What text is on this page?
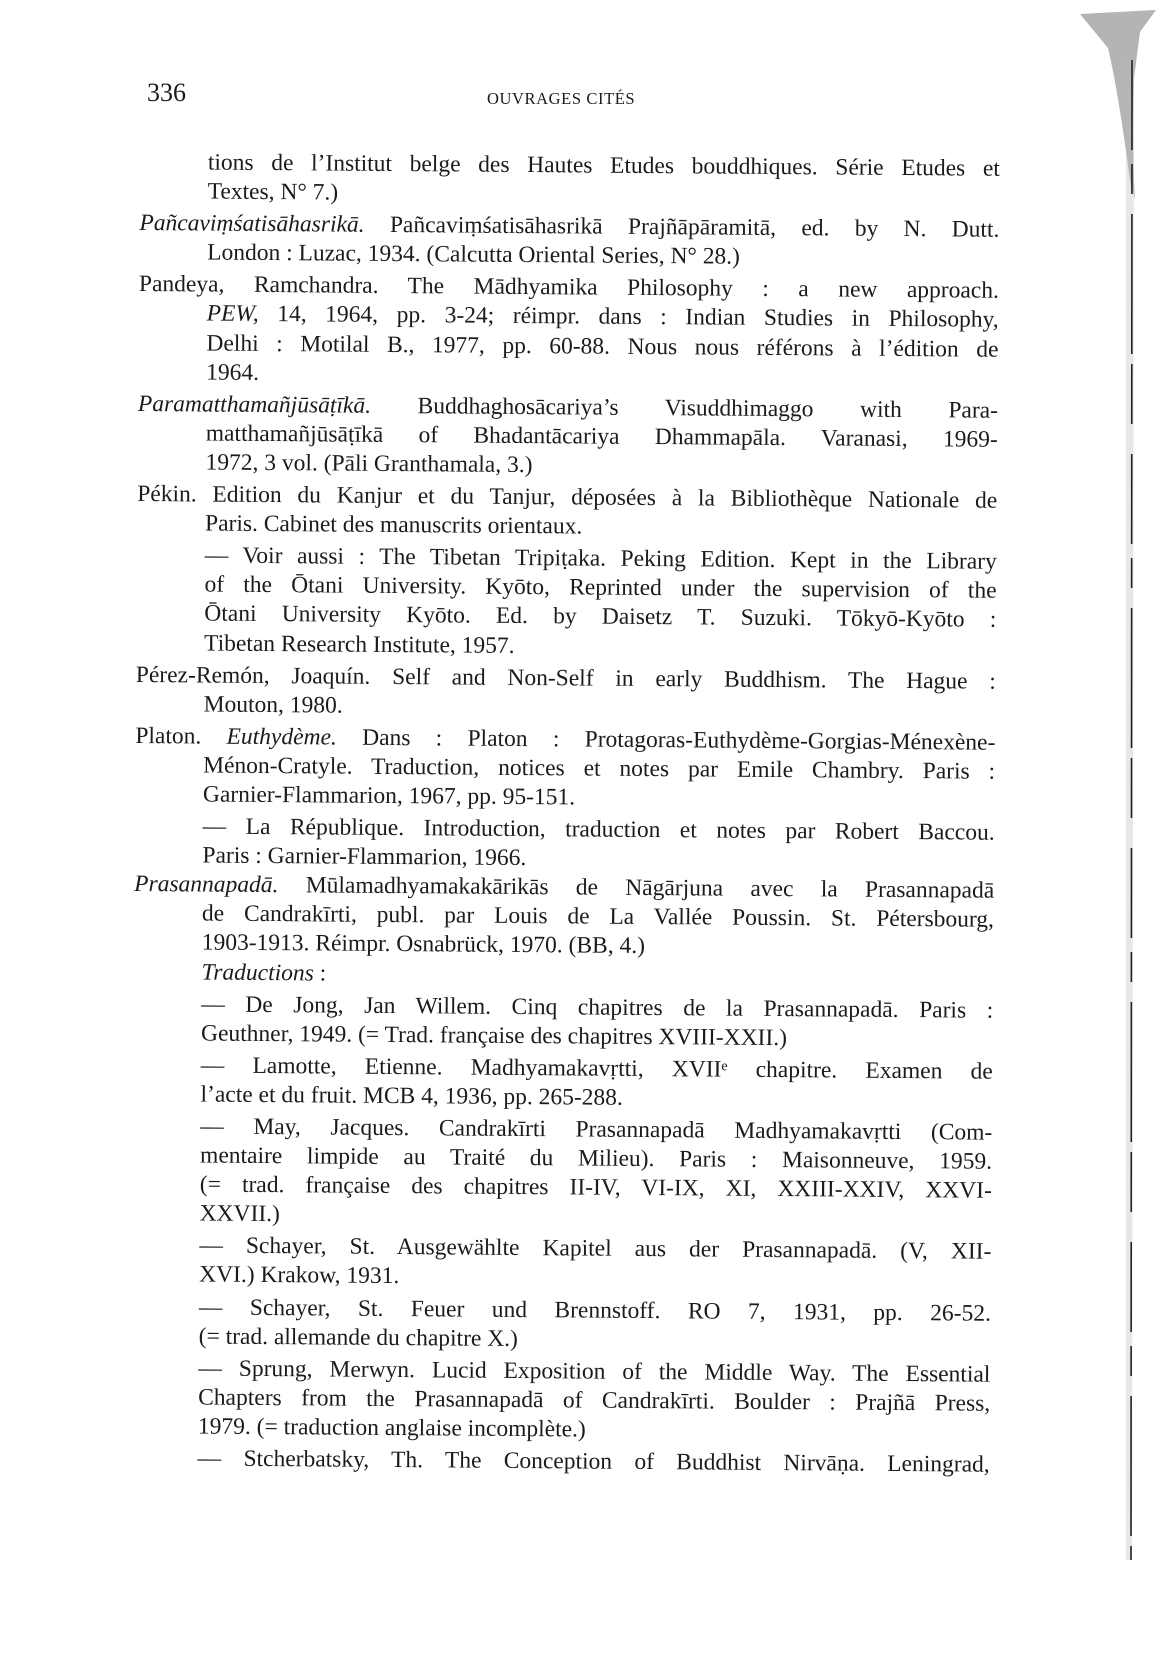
336	OUVRAGES CITÉS
tions de l’Institut belge des Hautes Etudes bouddhiques. Série Etudes et
Textes, N° 7.)
Pañcaviṃśatisāhasrikā. Pañcaviṃśatisāhasrikā Prajñāpāramitā, ed. by N. Dutt.
London : Luzac, 1934. (Calcutta Oriental Series, N° 28.)
Pandeya, Ramchandra. The Mādhyamika Philosophy : a new approach.
PEW, 14, 1964, pp. 3-24; réimpr. dans : Indian Studies in Philosophy,
Delhi : Motilal B., 1977, pp. 60-88. Nous nous référons à l’édition de
1964.
Paramatthamañjūsāṭīkā. Buddhaghosācariya’s Visuddhimaggo with Para-
matthamañjūsāṭīkā of Bhadantācariya Dhammapāla. Varanasi, 1969-
1972, 3 vol. (Pāli Granthamala, 3.)
Pékin. Edition du Kanjur et du Tanjur, déposées à la Bibliothèque Nationale de
Paris. Cabinet des manuscrits orientaux.
— Voir aussi : The Tibetan Tripiṭaka. Peking Edition. Kept in the Library
of the Ōtani University. Kyōto, Reprinted under the supervision of the
Ōtani University Kyōto. Ed. by Daisetz T. Suzuki. Tōkyō-Kyōto :
Tibetan Research Institute, 1957.
Pérez-Remón, Joaquín. Self and Non-Self in early Buddhism. The Hague :
Mouton, 1980.
Platon. Euthydème. Dans : Platon : Protagoras-Euthydème-Gorgias-Ménexène-
Ménon-Cratyle. Traduction, notices et notes par Emile Chambry. Paris :
Garnier-Flammarion, 1967, pp. 95-151.
— La République. Introduction, traduction et notes par Robert Baccou.
Paris : Garnier-Flammarion, 1966.
Prasannapadā. Mūlamadhyamakakārikās de Nāgārjuna avec la Prasannapadā
de Candrakīrti, publ. par Louis de La Vallée Poussin. St. Pétersbourg,
1903-1913. Réimpr. Osnabrück, 1970. (BB, 4.)
Traductions :
— De Jong, Jan Willem. Cinq chapitres de la Prasannapadā. Paris :
Geuthner, 1949. (= Trad. française des chapitres XVIII-XXII.)
— Lamotte, Etienne. Madhyamakavṛtti, XVIIᵉ chapitre. Examen de
l’acte et du fruit. MCB 4, 1936, pp. 265-288.
— May, Jacques. Candrakīrti Prasannapadā Madhyamakavṛtti (Com-
mentaire limpide au Traité du Milieu). Paris : Maisonneuve, 1959.
(= trad. française des chapitres II-IV, VI-IX, XI, XXIII-XXIV, XXVI-
XXVII.)
— Schayer, St. Ausgewählte Kapitel aus der Prasannapadā. (V, XII-
XVI.) Krakow, 1931.
— Schayer, St. Feuer und Brennstoff. RO 7, 1931, pp. 26-52.
(= trad. allemande du chapitre X.)
— Sprung, Merwyn. Lucid Exposition of the Middle Way. The Essential
Chapters from the Prasannapadā of Candrakīrti. Boulder : Prajñā Press,
1979. (= traduction anglaise incomplète.)
— Stcherbatsky, Th. The Conception of Buddhist Nirvāṇa. Leningrad,
